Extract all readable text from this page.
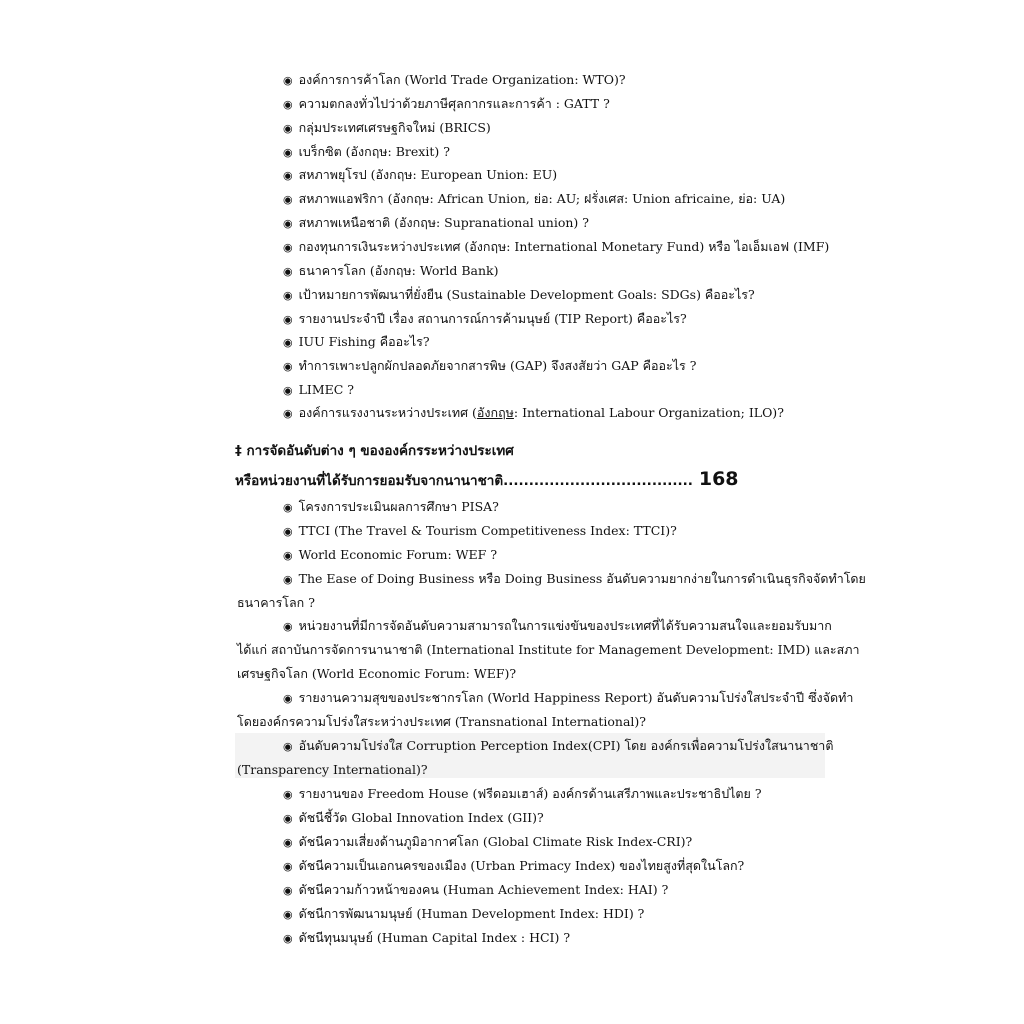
◉ องค์การการค้าโลก (World Trade Organization: WTO)?
◉ ความตกลงทั่วไปว่าด้วยภาษีศุลกากรและการค้า : GATT ?
◉ กลุ่มประเทศเศรษฐกิจใหม่ (BRICS)
◉ เบร็กซิต (อังกฤษ: Brexit) ?
◉ สหภาพยุโรป (อังกฤษ: European Union: EU)
◉ สหภาพแอฟริกา (อังกฤษ: African Union, ย่อ: AU; ฝรั่งเศส: Union africaine, ย่อ: UA)
◉ สหภาพเหนือชาติ (อังกฤษ: Supranational union) ?
◉ กองทุนการเงินระหว่างประเทศ (อังกฤษ: International Monetary Fund) หรือ ไอเอ็มเอฟ (IMF)
◉ ธนาคารโลก (อังกฤษ: World Bank)
◉ เป้าหมายการพัฒนาที่ยั่งยืน (Sustainable Development Goals: SDGs) คืออะไร?
◉ รายงานประจำปี เรื่อง สถานการณ์การค้ามนุษย์ (TIP Report) คืออะไร?
◉ IUU Fishing คืออะไร?
◉ ทำการเพาะปลูกผักปลอดภัยจากสารพิษ (GAP) จึงสงสัยว่า GAP คืออะไร ?
◉ LIMEC ?
◉ องค์การแรงงานระหว่างประเทศ (อังกฤษ: International Labour Organization; ILO)?
‡ การจัดอันดับต่าง ๆ ขององค์กรระหว่างประเทศ
หรือหน่วยงานที่ได้รับการยอมรับจากนานาชาติ..................................... 168
◉ โครงการประเมินผลการศึกษา PISA?
◉ TTCI (The Travel & Tourism Competitiveness Index: TTCI)?
◉ World Economic Forum: WEF ?
◉ The Ease of Doing Business หรือ Doing Business อันดับความยากง่ายในการดำเนินธุรกิจจัดทำโดย
ธนาคารโลก ?
◉ หน่วยงานที่มีการจัดอันดับความสามารถในการแข่งขันของประเทศที่ได้รับความสนใจและยอมรับมาก
ได้แก่ สถาบันการจัดการนานาชาติ (International Institute for Management Development: IMD) และสภา
เศรษฐกิจโลก (World Economic Forum: WEF)?
◉ รายงานความสุขของประชากรโลก (World Happiness Report) อันดับความโปร่งใสประจำปี ซึ่งจัดทำ
โดยองค์กรความโปร่งใสระหว่างประเทศ (Transnational International)?
◉ อันดับความโปร่งใส Corruption Perception Index(CPI) โดย องค์กรเพื่อความโปร่งใสนานาชาติ
(Transparency International)?
◉ รายงานของ Freedom House (ฟรีดอมเฮาส์) องค์กรด้านเสรีภาพและประชาธิปไตย ?
◉ ดัชนีชี้วัด Global Innovation Index (GII)?
◉ ดัชนีความเสี่ยงด้านภูมิอากาศโลก (Global Climate Risk Index-CRI)?
◉ ดัชนีความเป็นเอกนครของเมือง (Urban Primacy Index) ของไทยสูงที่สุดในโลก?
◉ ดัชนีความก้าวหน้าของคน (Human Achievement Index: HAI) ?
◉ ดัชนีการพัฒนามนุษย์ (Human Development Index: HDI) ?
◉ ดัชนีทุนมนุษย์ (Human Capital Index : HCI) ?
